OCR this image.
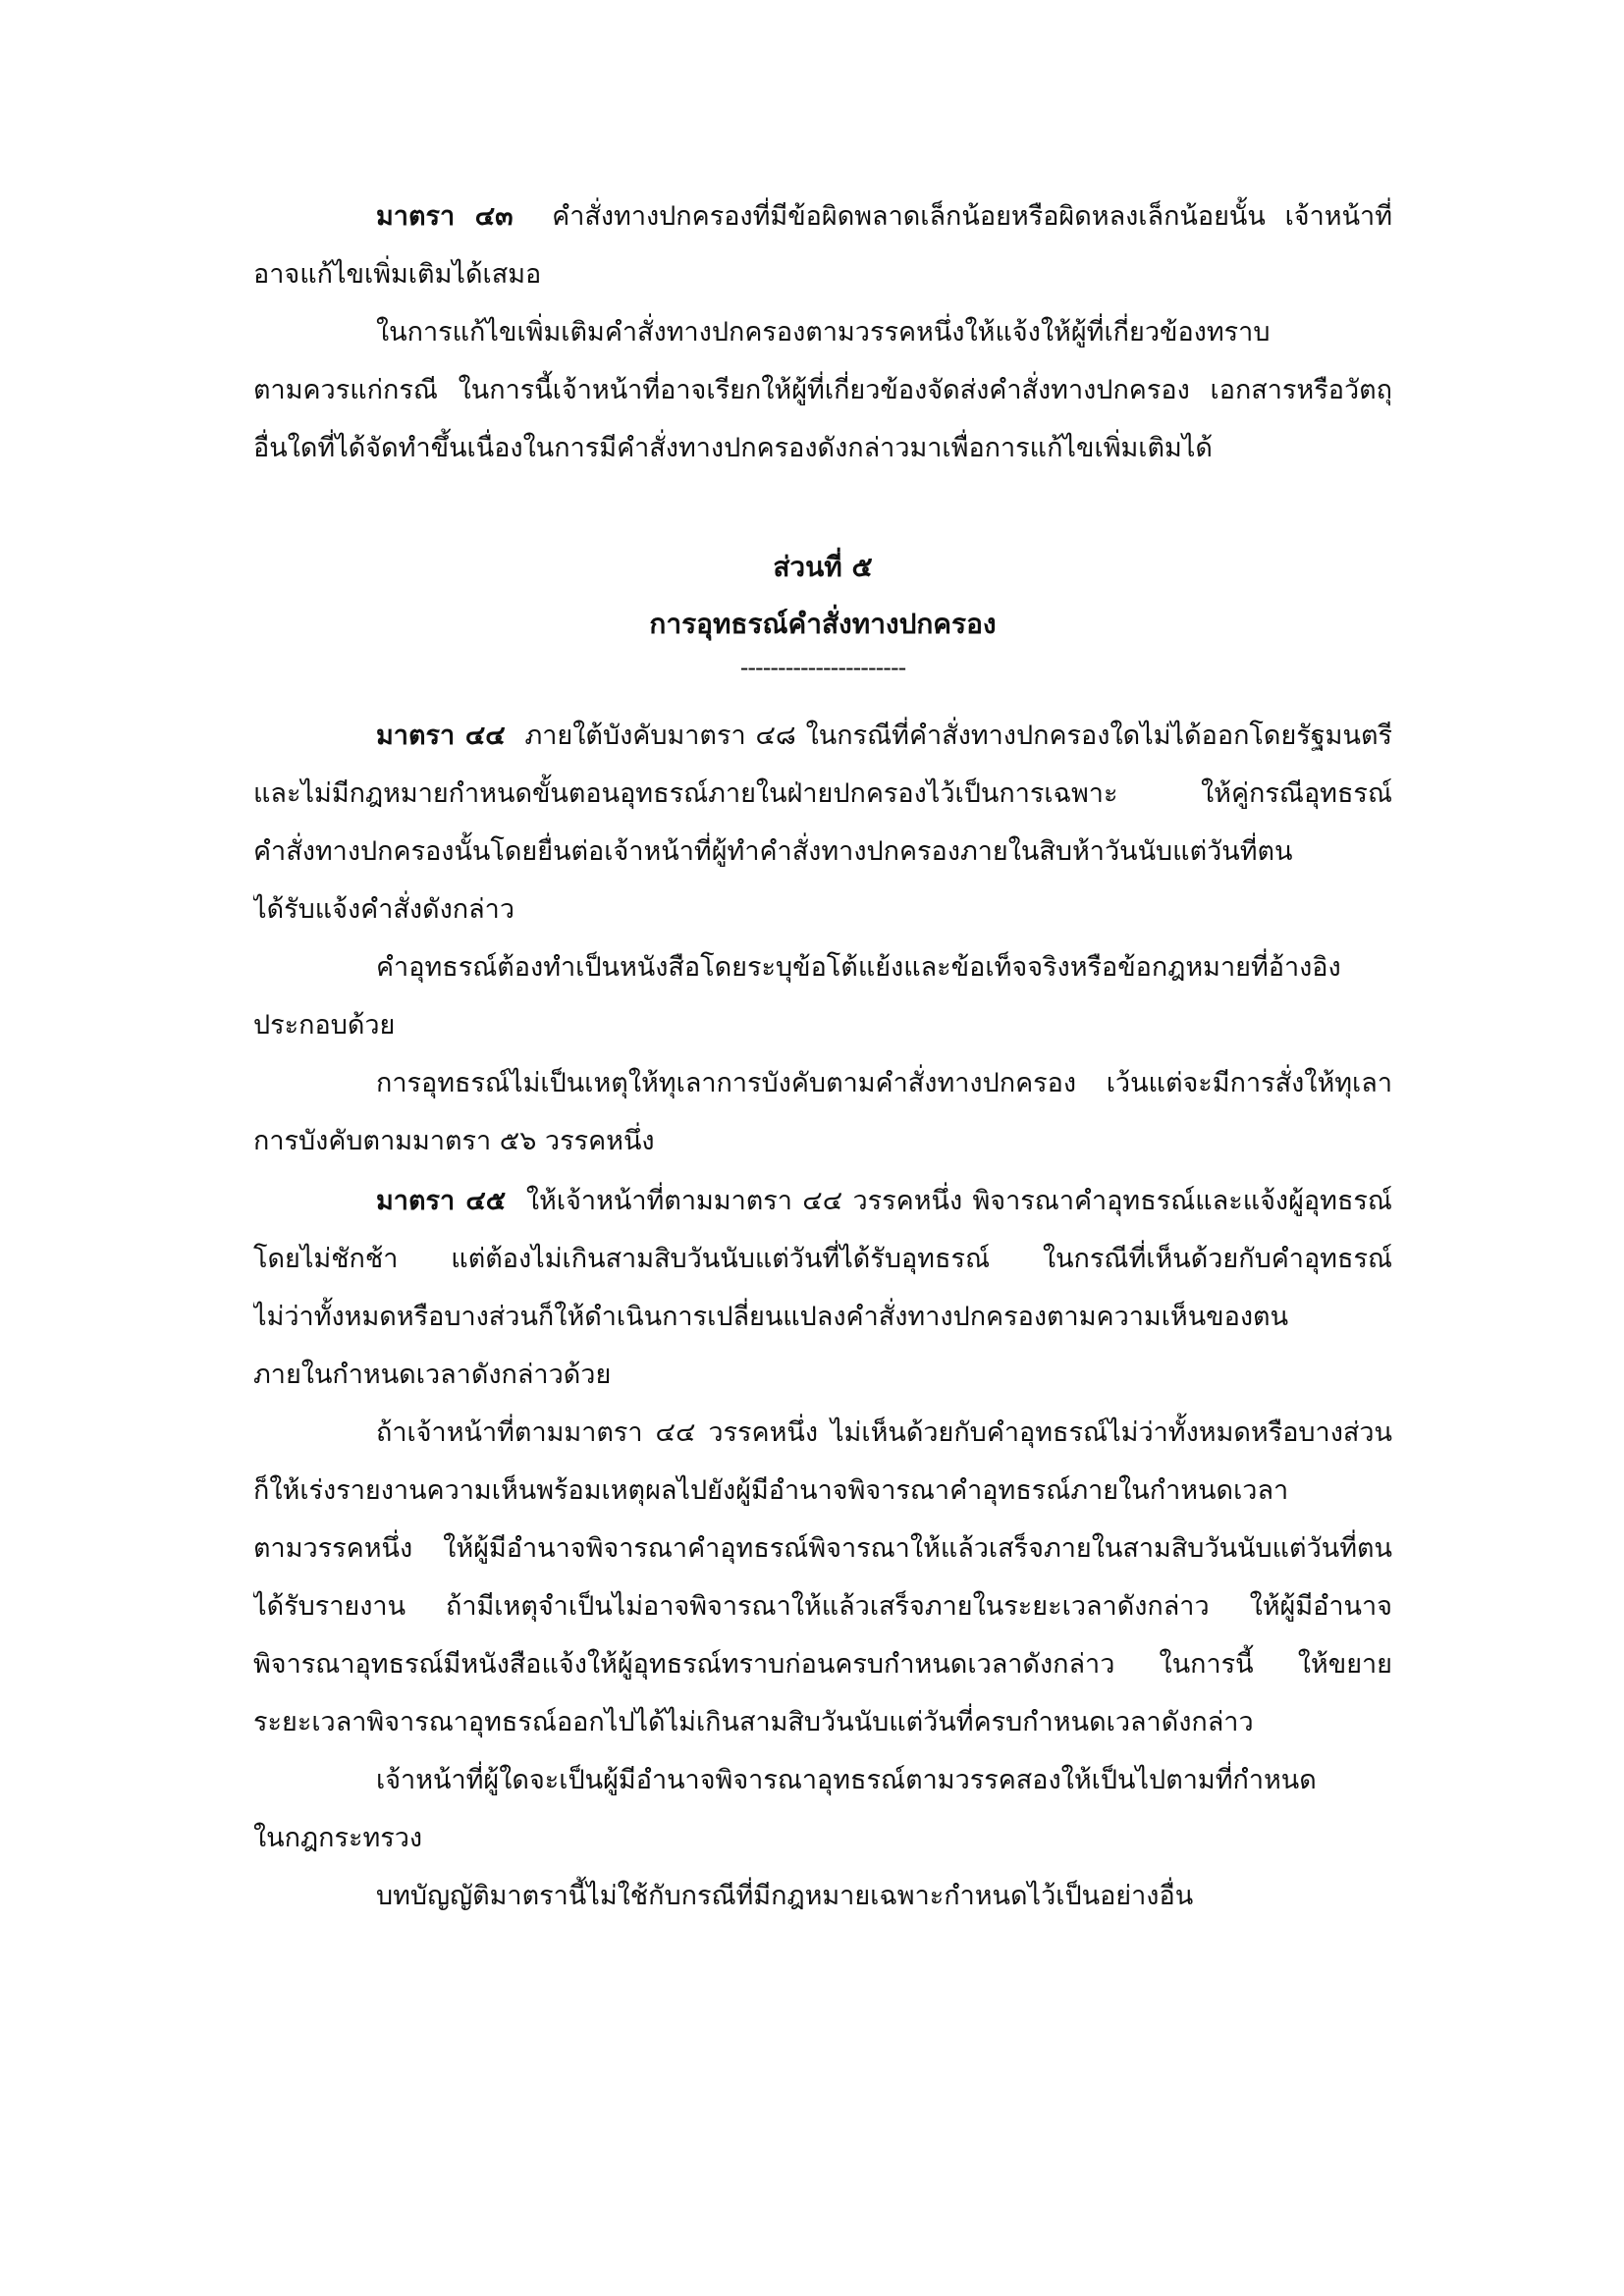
มาตรา ๔๓ คำสั่งทางปกครองที่มีข้อผิดพลาดเล็กน้อยหรือผิดหลงเล็กน้อยนั้น เจ้าหน้าที่
อาจแก้ไขเพิ่มเติมได้เสมอ
ในการแก้ไขเพิ่มเติมคำสั่งทางปกครองตามวรรคหนึ่งให้แจ้งให้ผู้ที่เกี่ยวข้องทราบ
ตามควรแก่กรณี ในการนี้เจ้าหน้าที่อาจเรียกให้ผู้ที่เกี่ยวข้องจัดส่งคำสั่งทางปกครอง เอกสารหรือวัตถุ
อื่นใดที่ได้จัดทำขึ้นเนื่องในการมีคำสั่งทางปกครองดังกล่าวมาเพื่อการแก้ไขเพิ่มเติมได้
ส่วนที่ ๕
การอุทธรณ์คำสั่งทางปกครอง
----------------------
มาตรา ๔๔ ภายใต้บังคับมาตรา ๔๘ ในกรณีที่คำสั่งทางปกครองใดไม่ได้ออกโดยรัฐมนตรี
และไม่มีกฎหมายกำหนดขั้นตอนอุทธรณ์ภายในฝ่ายปกครองไว้เป็นการเฉพาะ ให้คู่กรณีอุทธรณ์
คำสั่งทางปกครองนั้นโดยยื่นต่อเจ้าหน้าที่ผู้ทำคำสั่งทางปกครองภายในสิบห้าวันนับแต่วันที่ตน
ได้รับแจ้งคำสั่งดังกล่าว
คำอุทธรณ์ต้องทำเป็นหนังสือโดยระบุข้อโต้แย้งและข้อเท็จจริงหรือข้อกฎหมายที่อ้างอิง
ประกอบด้วย
การอุทธรณ์ไม่เป็นเหตุให้ทุเลาการบังคับตามคำสั่งทางปกครอง เว้นแต่จะมีการสั่งให้ทุเลา
การบังคับตามมาตรา ๕๖ วรรคหนึ่ง
มาตรา ๔๕ ให้เจ้าหน้าที่ตามมาตรา ๔๔ วรรคหนึ่ง พิจารณาคำอุทธรณ์และแจ้งผู้อุทธรณ์
โดยไม่ชักช้า แต่ต้องไม่เกินสามสิบวันนับแต่วันที่ได้รับอุทธรณ์ ในกรณีที่เห็นด้วยกับคำอุทธรณ์
ไม่ว่าทั้งหมดหรือบางส่วนก็ให้ดำเนินการเปลี่ยนแปลงคำสั่งทางปกครองตามความเห็นของตน
ภายในกำหนดเวลาดังกล่าวด้วย
ถ้าเจ้าหน้าที่ตามมาตรา ๔๔ วรรคหนึ่ง ไม่เห็นด้วยกับคำอุทธรณ์ไม่ว่าทั้งหมดหรือบางส่วน
ก็ให้เร่งรายงานความเห็นพร้อมเหตุผลไปยังผู้มีอำนาจพิจารณาคำอุทธรณ์ภายในกำหนดเวลา
ตามวรรคหนึ่ง ให้ผู้มีอำนาจพิจารณาคำอุทธรณ์พิจารณาให้แล้วเสร็จภายในสามสิบวันนับแต่วันที่ตน
ได้รับรายงาน ถ้ามีเหตุจำเป็นไม่อาจพิจารณาให้แล้วเสร็จภายในระยะเวลาดังกล่าว ให้ผู้มีอำนาจ
พิจารณาอุทธรณ์มีหนังสือแจ้งให้ผู้อุทธรณ์ทราบก่อนครบกำหนดเวลาดังกล่าว ในการนี้ ให้ขยาย
ระยะเวลาพิจารณาอุทธรณ์ออกไปได้ไม่เกินสามสิบวันนับแต่วันที่ครบกำหนดเวลาดังกล่าว
เจ้าหน้าที่ผู้ใดจะเป็นผู้มีอำนาจพิจารณาอุทธรณ์ตามวรรคสองให้เป็นไปตามที่กำหนด
ในกฎกระทรวง
บทบัญญัติมาตรานี้ไม่ใช้กับกรณีที่มีกฎหมายเฉพาะกำหนดไว้เป็นอย่างอื่น
